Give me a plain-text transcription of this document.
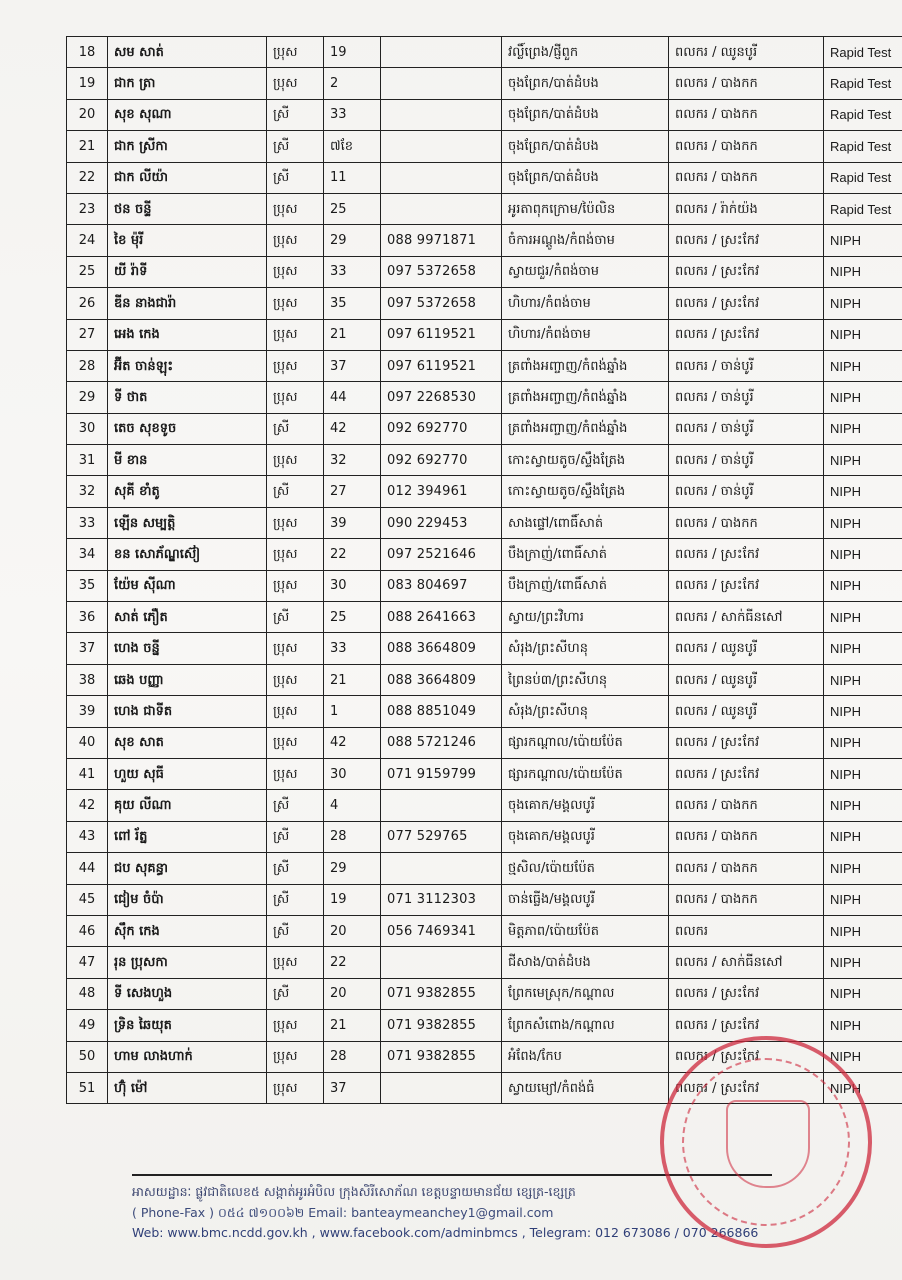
18	សម សាត់	ប្រុស	19		វល្លិ៍ព្រេង/ផ្ញីពួក	ពលករ / ឈូនបូរី	Rapid Test
19	ជាក ត្រា	ប្រុស	2		ចុងព្រែក/បាត់ដំបង	ពលករ / បាងកក	Rapid Test
20	សុខ សុណា	ស្រី	33		ចុងព្រែក/បាត់ដំបង	ពលករ / បាងកក	Rapid Test
21	ជាក ស្រីកា	ស្រី	៧ខែ		ចុងព្រែក/បាត់ដំបង	ពលករ / បាងកក	Rapid Test
22	ជាក លីយ៉ា	ស្រី	11		ចុងព្រែក/បាត់ដំបង	ពលករ / បាងកក	Rapid Test
23	ថន ចន្ទី	ប្រុស	25		អូរតាពុកក្រោម/ប៉ៃលិន	ពលករ / រ៉ាក់យ៉ង	Rapid Test
24	ខៃ ម៉ុរី	ប្រុស	29	088 9971871	ចំការអណ្ដូង/កំពង់ចាម	ពលករ / ស្រះកែវ	NIPH
25	យី រ៉ាទី	ប្រុស	33	097 5372658	ស្វាយជួរ/កំពង់ចាម	ពលករ / ស្រះកែវ	NIPH
26	ឌីន នាងជារ៉ា	ប្រុស	35	097 5372658	ហិហារ/កំពង់ចាម	ពលករ / ស្រះកែវ	NIPH
27	អេង កេង	ប្រុស	21	097 6119521	ហិហារ/កំពង់ចាម	ពលករ / ស្រះកែវ	NIPH
28	អ៊ីត ចាន់ឡុះ	ប្រុស	37	097 6119521	ត្រពាំងអញ្ចាញ/កំពង់ឆ្នាំង	ពលករ / ចាន់បូរី	NIPH
29	ទី ថាត	ប្រុស	44	097 2268530	ត្រពាំងអញ្ចាញ/កំពង់ឆ្នាំង	ពលករ / ចាន់បូរី	NIPH
30	តេច សុខទូច	ស្រី	42	092 692770	ត្រពាំងអញ្ចាញ/កំពង់ឆ្នាំង	ពលករ / ចាន់បូរី	NIPH
31	មី ខាន	ប្រុស	32	092 692770	កោះស្វាយតូច/ស្ទឹងត្រែង	ពលករ / ចាន់បូរី	NIPH
32	សុគី ខាំតូ	ស្រី	27	012 394961	កោះស្វាយតូច/ស្ទឹងត្រែង	ពលករ / ចាន់បូរី	NIPH
33	ឡើន សម្បត្តិ	ប្រុស	39	090 229453	សាងផ្ទៅ/ពោធិ៍សាត់	ពលករ / បាងកក	NIPH
34	ខន សោភ័ណ្ឌស៊ៀ	ប្រុស	22	097 2521646	បឹងក្រាញ់/ពោធិ៍សាត់	ពលករ / ស្រះកែវ	NIPH
35	យ៉ែម ស៊ីណា	ប្រុស	30	083 804697	បឹងក្រាញ់/ពោធិ៍សាត់	ពលករ / ស្រះកែវ	NIPH
36	សាត់ ភឿត	ស្រី	25	088 2641663	ស្វាយ/ព្រះវិហារ	ពលករ / សាក់ធីនសៅ	NIPH
37	ហេង ចន្នី	ប្រុស	33	088 3664809	សំរុង/ព្រះសីហនុ	ពលករ / ឈូនបូរី	NIPH
38	ឆេង បញ្ញា	ប្រុស	21	088 3664809	ព្រៃនប់៣/ព្រះសីហនុ	ពលករ / ឈូនបូរី	NIPH
39	ហេង ជាទីត	ប្រុស	1	088 8851049	សំរុង/ព្រះសីហនុ	ពលករ / ឈូនបូរី	NIPH
40	សុខ សាត	ប្រុស	42	088 5721246	ផ្សារកណ្ដាល/ប៉ោយប៉ែត	ពលករ / ស្រះកែវ	NIPH
41	ហួយ សុធី	ប្រុស	30	071 9159799	ផ្សារកណ្ដាល/ប៉ោយប៉ែត	ពលករ / ស្រះកែវ	NIPH
42	គុយ លីណា	ស្រី	4		ចុងគោក/មង្គលបូរី	ពលករ / បាងកក	NIPH
43	ពៅ រ័ត្ន	ស្រី	28	077 529765	ចុងគោក/មង្គលបូរី	ពលករ / បាងកក	NIPH
44	ជប សុគន្ធា	ស្រី	29		ថ្មសិល/ប៉ោយប៉ែត	ពលករ / បាងកក	NIPH
45	ជៀម ចំប៉ា	ស្រី	19	071 3112303	ចាន់ធ្លើង/មង្គលបូរី	ពលករ / បាងកក	NIPH
46	ស៊ឹក កេង	ស្រី	20	056 7469341	មិត្តភាព/ប៉ោយប៉ែត	ពលករ	NIPH
47	រុន ប្រុសកា	ប្រុស	22		ជីសាង/បាត់ដំបង	ពលករ / សាក់ធីនសៅ	NIPH
48	ទី សេងហួង	ស្រី	20	071 9382855	ព្រែកមេស្រុក/កណ្ដាល	ពលករ / ស្រះកែវ	NIPH
49	ទ្រិន ឆៃយុត	ប្រុស	21	071 9382855	ព្រែកសំពោង/កណ្ដាល	ពលករ / ស្រះកែវ	NIPH
50	ហាម លាងហាក់	ប្រុស	28	071 9382855	អំពែង/កែប	ពលករ / ស្រះកែវ	NIPH
51	ហ៊ុំ ម៉ៅ	ប្រុស	37		ស្វាយម្យៅ/កំពង់ធំ	ពលករ / ស្រះកែវ	NIPH
អាសយដ្ឋានៈ ផ្លូវជាតិលេខ៥ សង្កាត់អូរអំបិល ក្រុងសិរីសោភ័ណ ខេត្តបន្ទាយមានជ័យ ខ្សេត្រ-ខ្សេត្រ
( Phone-Fax ) ០៥៤ ៧១០០៦២ Email: banteaymeanchey1@gmail.com
Web: www.bmc.ncdd.gov.kh , www.facebook.com/adminbmcs , Telegram: 012 673086 / 070 266866
